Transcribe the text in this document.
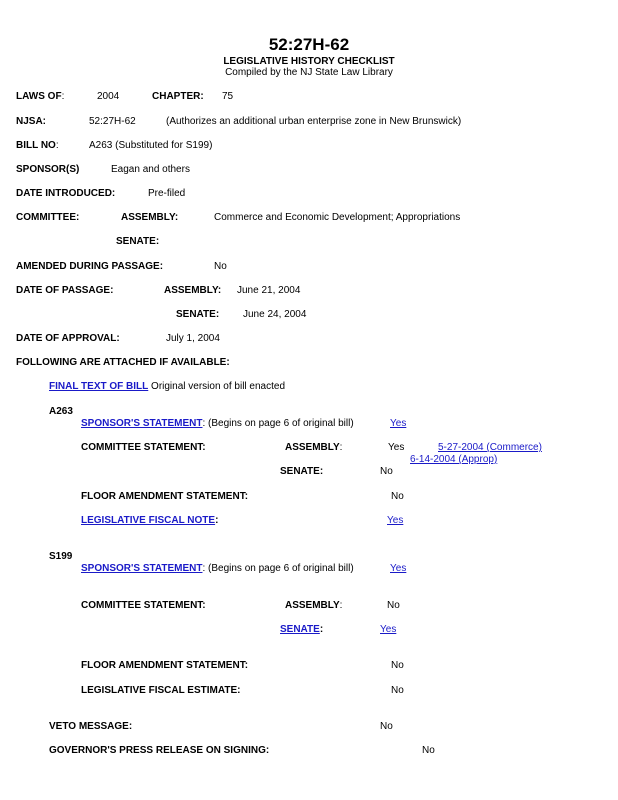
52:27H-62
LEGISLATIVE HISTORY CHECKLIST
Compiled by the NJ State Law Library
LAWS OF:	2004	CHAPTER: 75
NJSA:	52:27H-62	(Authorizes an additional urban enterprise zone in New Brunswick)
BILL NO:	A263 (Substituted for S199)
SPONSOR(S)	Eagan and others
DATE INTRODUCED:	Pre-filed
COMMITTEE:	ASSEMBLY:	Commerce and Economic Development; Appropriations
SENATE:
AMENDED DURING PASSAGE:	No
DATE OF PASSAGE:	ASSEMBLY: June 21, 2004
SENATE: June 24, 2004
DATE OF APPROVAL:	July 1, 2004
FOLLOWING ARE ATTACHED IF AVAILABLE:
FINAL TEXT OF BILL Original version of bill enacted
A263
SPONSOR'S STATEMENT: (Begins on page 6 of original bill)	Yes
COMMITTEE STATEMENT:	ASSEMBLY:	Yes	5-27-2004 (Commerce)
6-14-2004 (Approp)
SENATE:	No
FLOOR AMENDMENT STATEMENT:	No
LEGISLATIVE FISCAL NOTE:	Yes
S199
SPONSOR'S STATEMENT: (Begins on page 6 of original bill)	Yes
COMMITTEE STATEMENT:	ASSEMBLY:	No
SENATE:	Yes
FLOOR AMENDMENT STATEMENT:	No
LEGISLATIVE FISCAL ESTIMATE:	No
VETO MESSAGE:	No
GOVERNOR'S PRESS RELEASE ON SIGNING:	No
